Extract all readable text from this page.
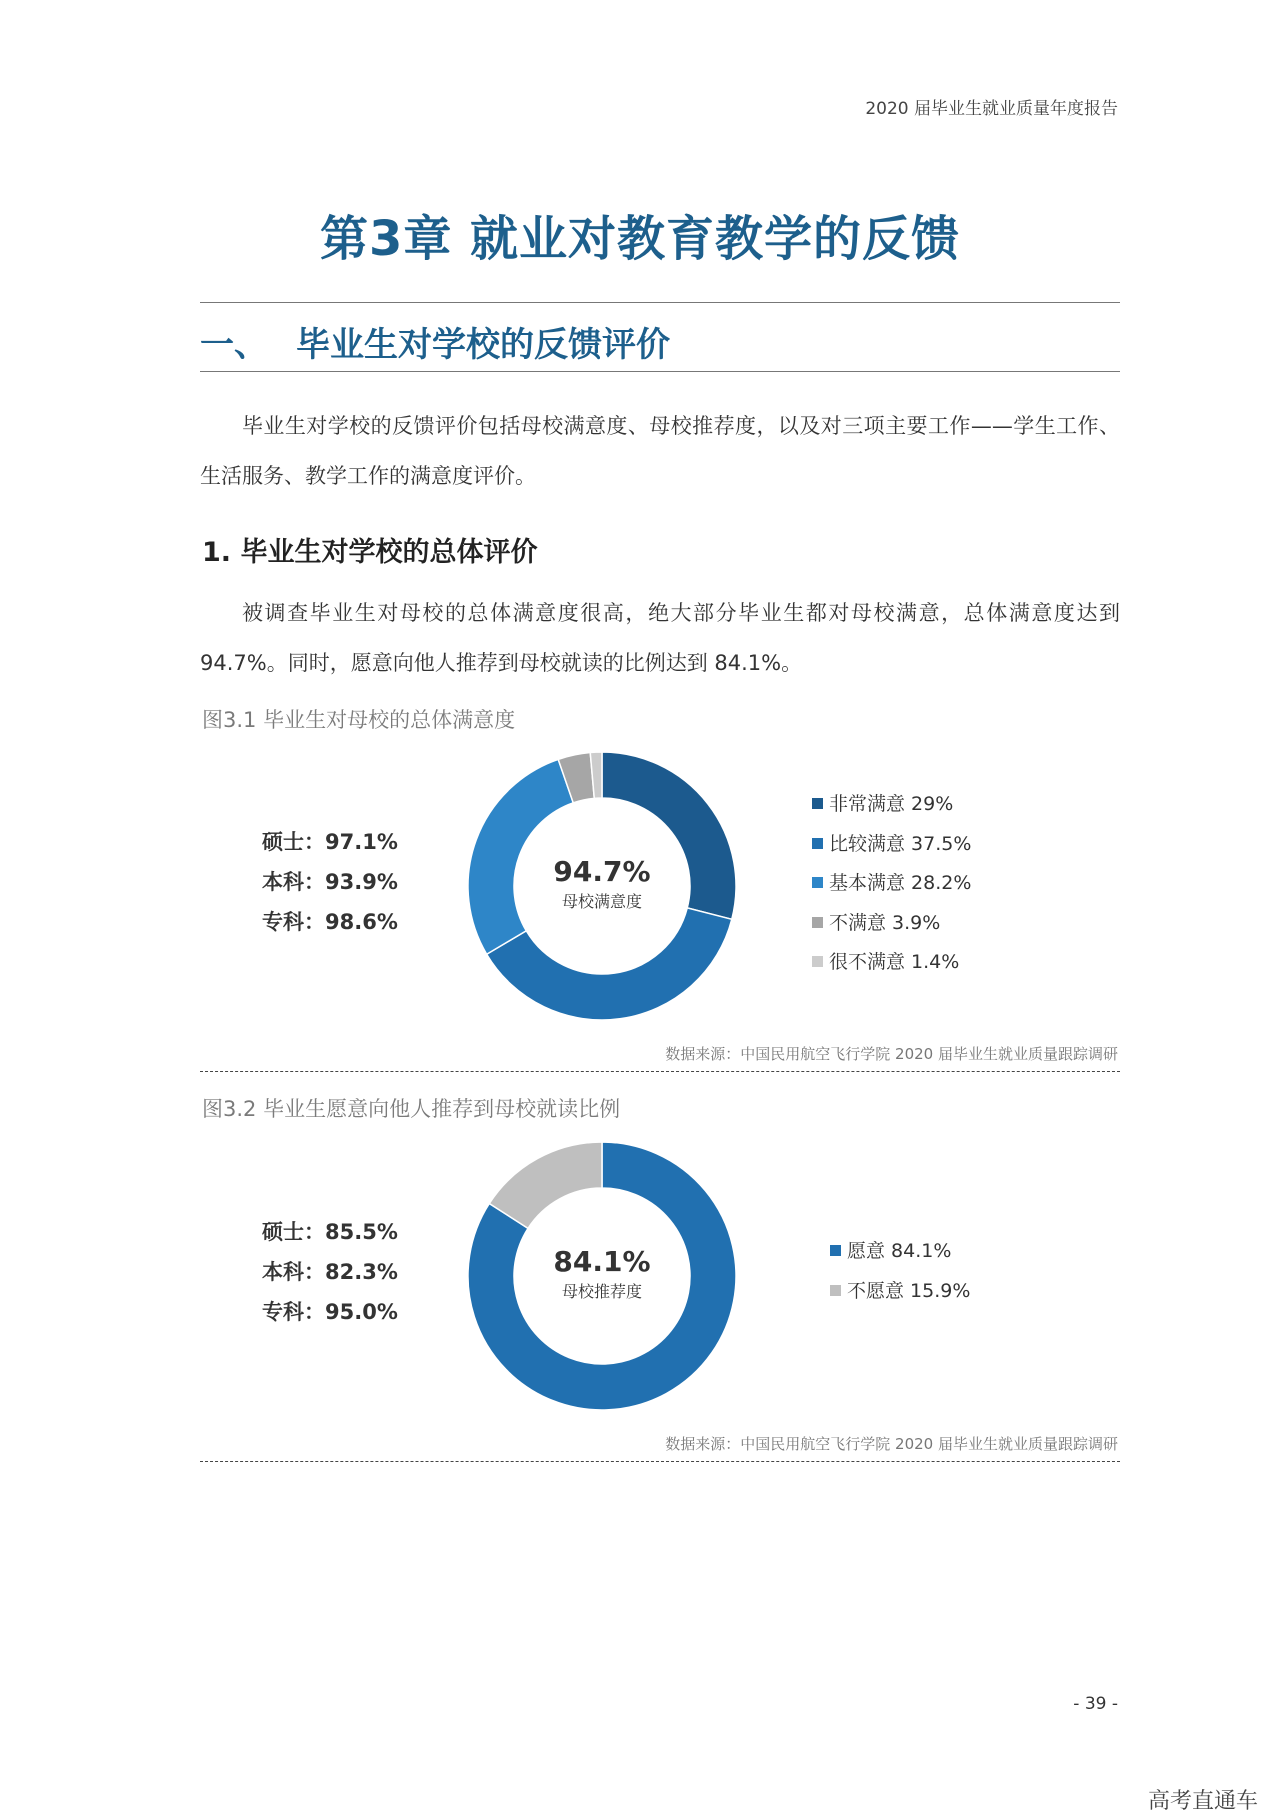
2020 届毕业生就业质量年度报告
第3章 就业对教育教学的反馈
一、 毕业生对学校的反馈评价
毕业生对学校的反馈评价包括母校满意度、母校推荐度，以及对三项主要工作——学生工作、生活服务、教学工作的满意度评价。
1. 毕业生对学校的总体评价
被调查毕业生对母校的总体满意度很高，绝大部分毕业生都对母校满意，总体满意度达到 94.7%。同时，愿意向他人推荐到母校就读的比例达到 84.1%。
图3.1 毕业生对母校的总体满意度
硕士：97.1%
本科：93.9%
专科：98.6%
94.7%
母校满意度
非常满意 29%
比较满意 37.5%
基本满意 28.2%
不满意 3.9%
很不满意 1.4%
数据来源：中国民用航空飞行学院 2020 届毕业生就业质量跟踪调研
图3.2 毕业生愿意向他人推荐到母校就读比例
硕士：85.5%
本科：82.3%
专科：95.0%
84.1%
母校推荐度
愿意 84.1%
不愿意 15.9%
数据来源：中国民用航空飞行学院 2020 届毕业生就业质量跟踪调研
- 39 -
高考直通车
